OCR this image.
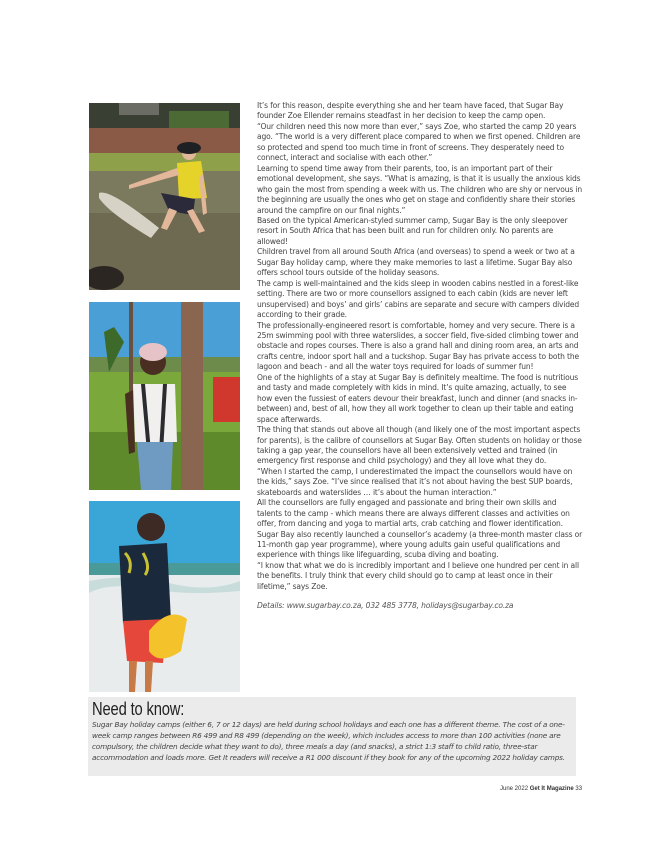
It’s for this reason, despite everything she and her team have faced, that Sugar Bay founder Zoe Ellender remains steadfast in her decision to keep the camp open.

“Our children need this now more than ever,” says Zoe, who started the camp 20 years ago. “The world is a very different place compared to when we first opened. Children are so protected and spend too much time in front of screens. They desperately need to connect, interact and socialise with each other.”

Learning to spend time away from their parents, too, is an important part of their emotional development, she says. “What is amazing, is that it is usually the anxious kids who gain the most from spending a week with us. The children who are shy or nervous in the beginning are usually the ones who get on stage and confidently share their stories around the campfire on our final nights.”

Based on the typical American-styled summer camp, Sugar Bay is the only sleepover resort in South Africa that has been built and run for children only. No parents are allowed!

Children travel from all around South Africa (and overseas) to spend a week or two at a Sugar Bay holiday camp, where they make memories to last a lifetime. Sugar Bay also offers school tours outside of the holiday seasons.

The camp is well-maintained and the kids sleep in wooden cabins nestled in a forest-like setting. There are two or more counsellors assigned to each cabin (kids are never left unsupervised) and boys’ and girls’ cabins are separate and secure with campers divided according to their grade.

The professionally-engineered resort is comfortable, homey and very secure. There is a 25m swimming pool with three waterslides, a soccer field, five-sided climbing tower and obstacle and ropes courses. There is also a grand hall and dining room area, an arts and crafts centre, indoor sport hall and a tuckshop. Sugar Bay has private access to both the lagoon and beach - and all the water toys required for loads of summer fun!

One of the highlights of a stay at Sugar Bay is definitely mealtime. The food is nutritious and tasty and made completely with kids in mind. It’s quite amazing, actually, to see how even the fussiest of eaters devour their breakfast, lunch and dinner (and snacks in-between) and, best of all, how they all work together to clean up their table and eating space afterwards.

The thing that stands out above all though (and likely one of the most important aspects for parents), is the calibre of counsellors at Sugar Bay. Often students on holiday or those taking a gap year, the counsellors have all been extensively vetted and trained (in emergency first response and child psychology) and they all love what they do.

“When I started the camp, I underestimated the impact the counsellors would have on the kids,” says Zoe. “I’ve since realised that it’s not about having the best SUP boards, skateboards and waterslides … it’s about the human interaction.”

All the counsellors are fully engaged and passionate and bring their own skills and talents to the camp - which means there are always different classes and activities on offer, from dancing and yoga to martial arts, crab catching and flower identification.

Sugar Bay also recently launched a counsellor’s academy (a three-month master class or 11-month gap year programme), where young adults gain useful qualifications and experience with things like lifeguarding, scuba diving and boating.

“I know that what we do is incredibly important and I believe one hundred per cent in all the benefits. I truly think that every child should go to camp at least once in their lifetime,” says Zoe.

Details: www.sugarbay.co.za, 032 485 3778, holidays@sugarbay.co.za

Need to know:

Sugar Bay holiday camps (either 6, 7 or 12 days) are held during school holidays and each one has a different theme. The cost of a one-week camp ranges between R6 499 and R8 499 (depending on the week), which includes access to more than 100 activities (none are compulsory, the children decide what they want to do), three meals a day (and snacks), a strict 1:3 staff to child ratio, three-star accommodation and loads more. Get It readers will receive a R1 000 discount if they book for any of the upcoming 2022 holiday camps.

June 2022 Get It Magazine 33
